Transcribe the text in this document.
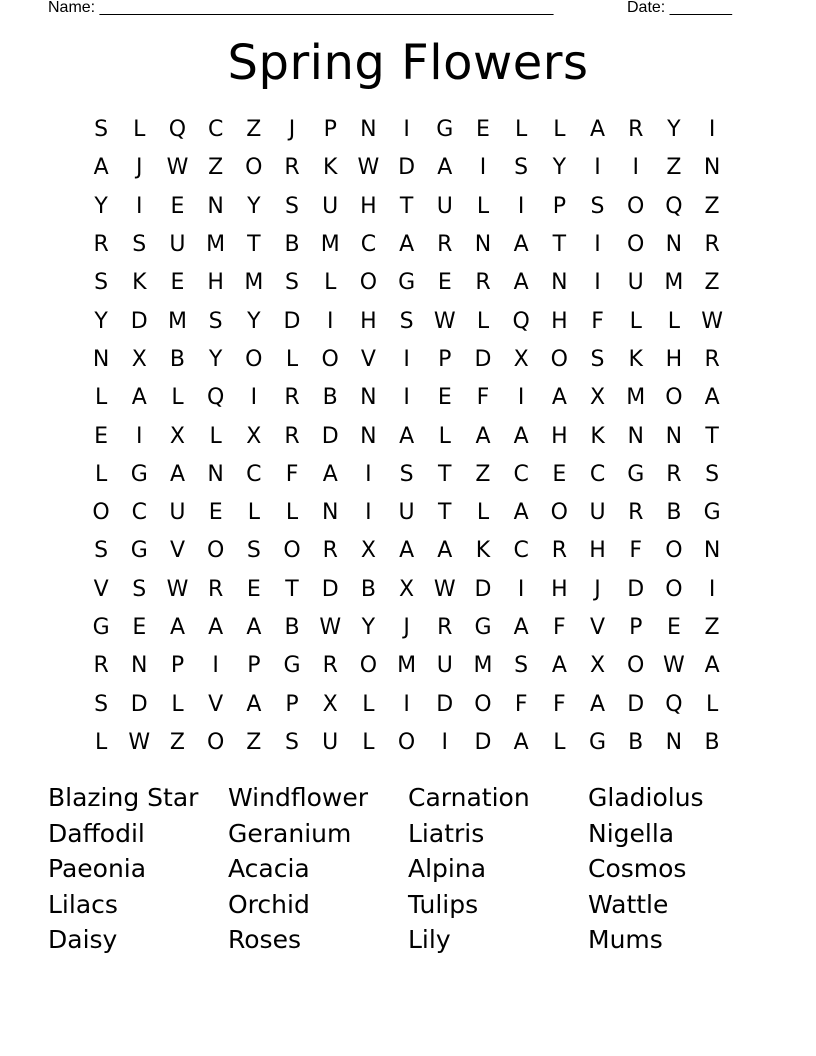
Name: ___________________________________________________	Date: _______
Spring Flowers
S	L	Q C	Z	J	P	N	I	G	E	L	L	A	R	Y	I
A	J	W Z O R	K W D	A	I	S	Y	I	I	Z	N
Y	I	E	N	Y	S	U H	T	U	L	I	P	S	O Q Z
R	S	U M T	B M C	A	R	N	A	T	I	O N	R
S	K	E	H M S	L	O G	E	R	A	N	I	U M Z
Y	D M S	Y	D	I	H	S W L	Q H	F	L	L W
N	X	B	Y	O	L	O	V	I	P	D	X O	S	K	H	R
L	A	L	Q	I	R	B	N	I	E	F	I	A	X M O	A
E	I	X	L	X	R	D N	A	L	A	A	H	K	N N	T
L	G	A	N	C	F	A	I	S	T	Z	C	E	C G	R	S
O C	U	E	L	L	N	I	U	T	L	A O U	R	B	G
S	G	V O	S	O R	X	A	A	K	C	R	H	F	O N
V	S W R	E	T	D	B	X W D	I	H	J	D O	I
G	E	A	A	A	B W Y	J	R	G	A	F	V	P	E	Z
R	N	P	I	P	G	R O M U M S	A	X O W A
S	D	L	V	A	P	X	L	I	D O	F	F	A	D Q	L
L W Z O Z	S	U	L	O	I	D	A	L	G	B	N	B
Blazing Star	Windflower	Carnation	Gladiolus
Daffodil	Geranium	Liatris	Nigella
Paeonia	Acacia	Alpina	Cosmos
Lilacs	Orchid	Tulips	Wattle
Daisy	Roses	Lily	Mums
